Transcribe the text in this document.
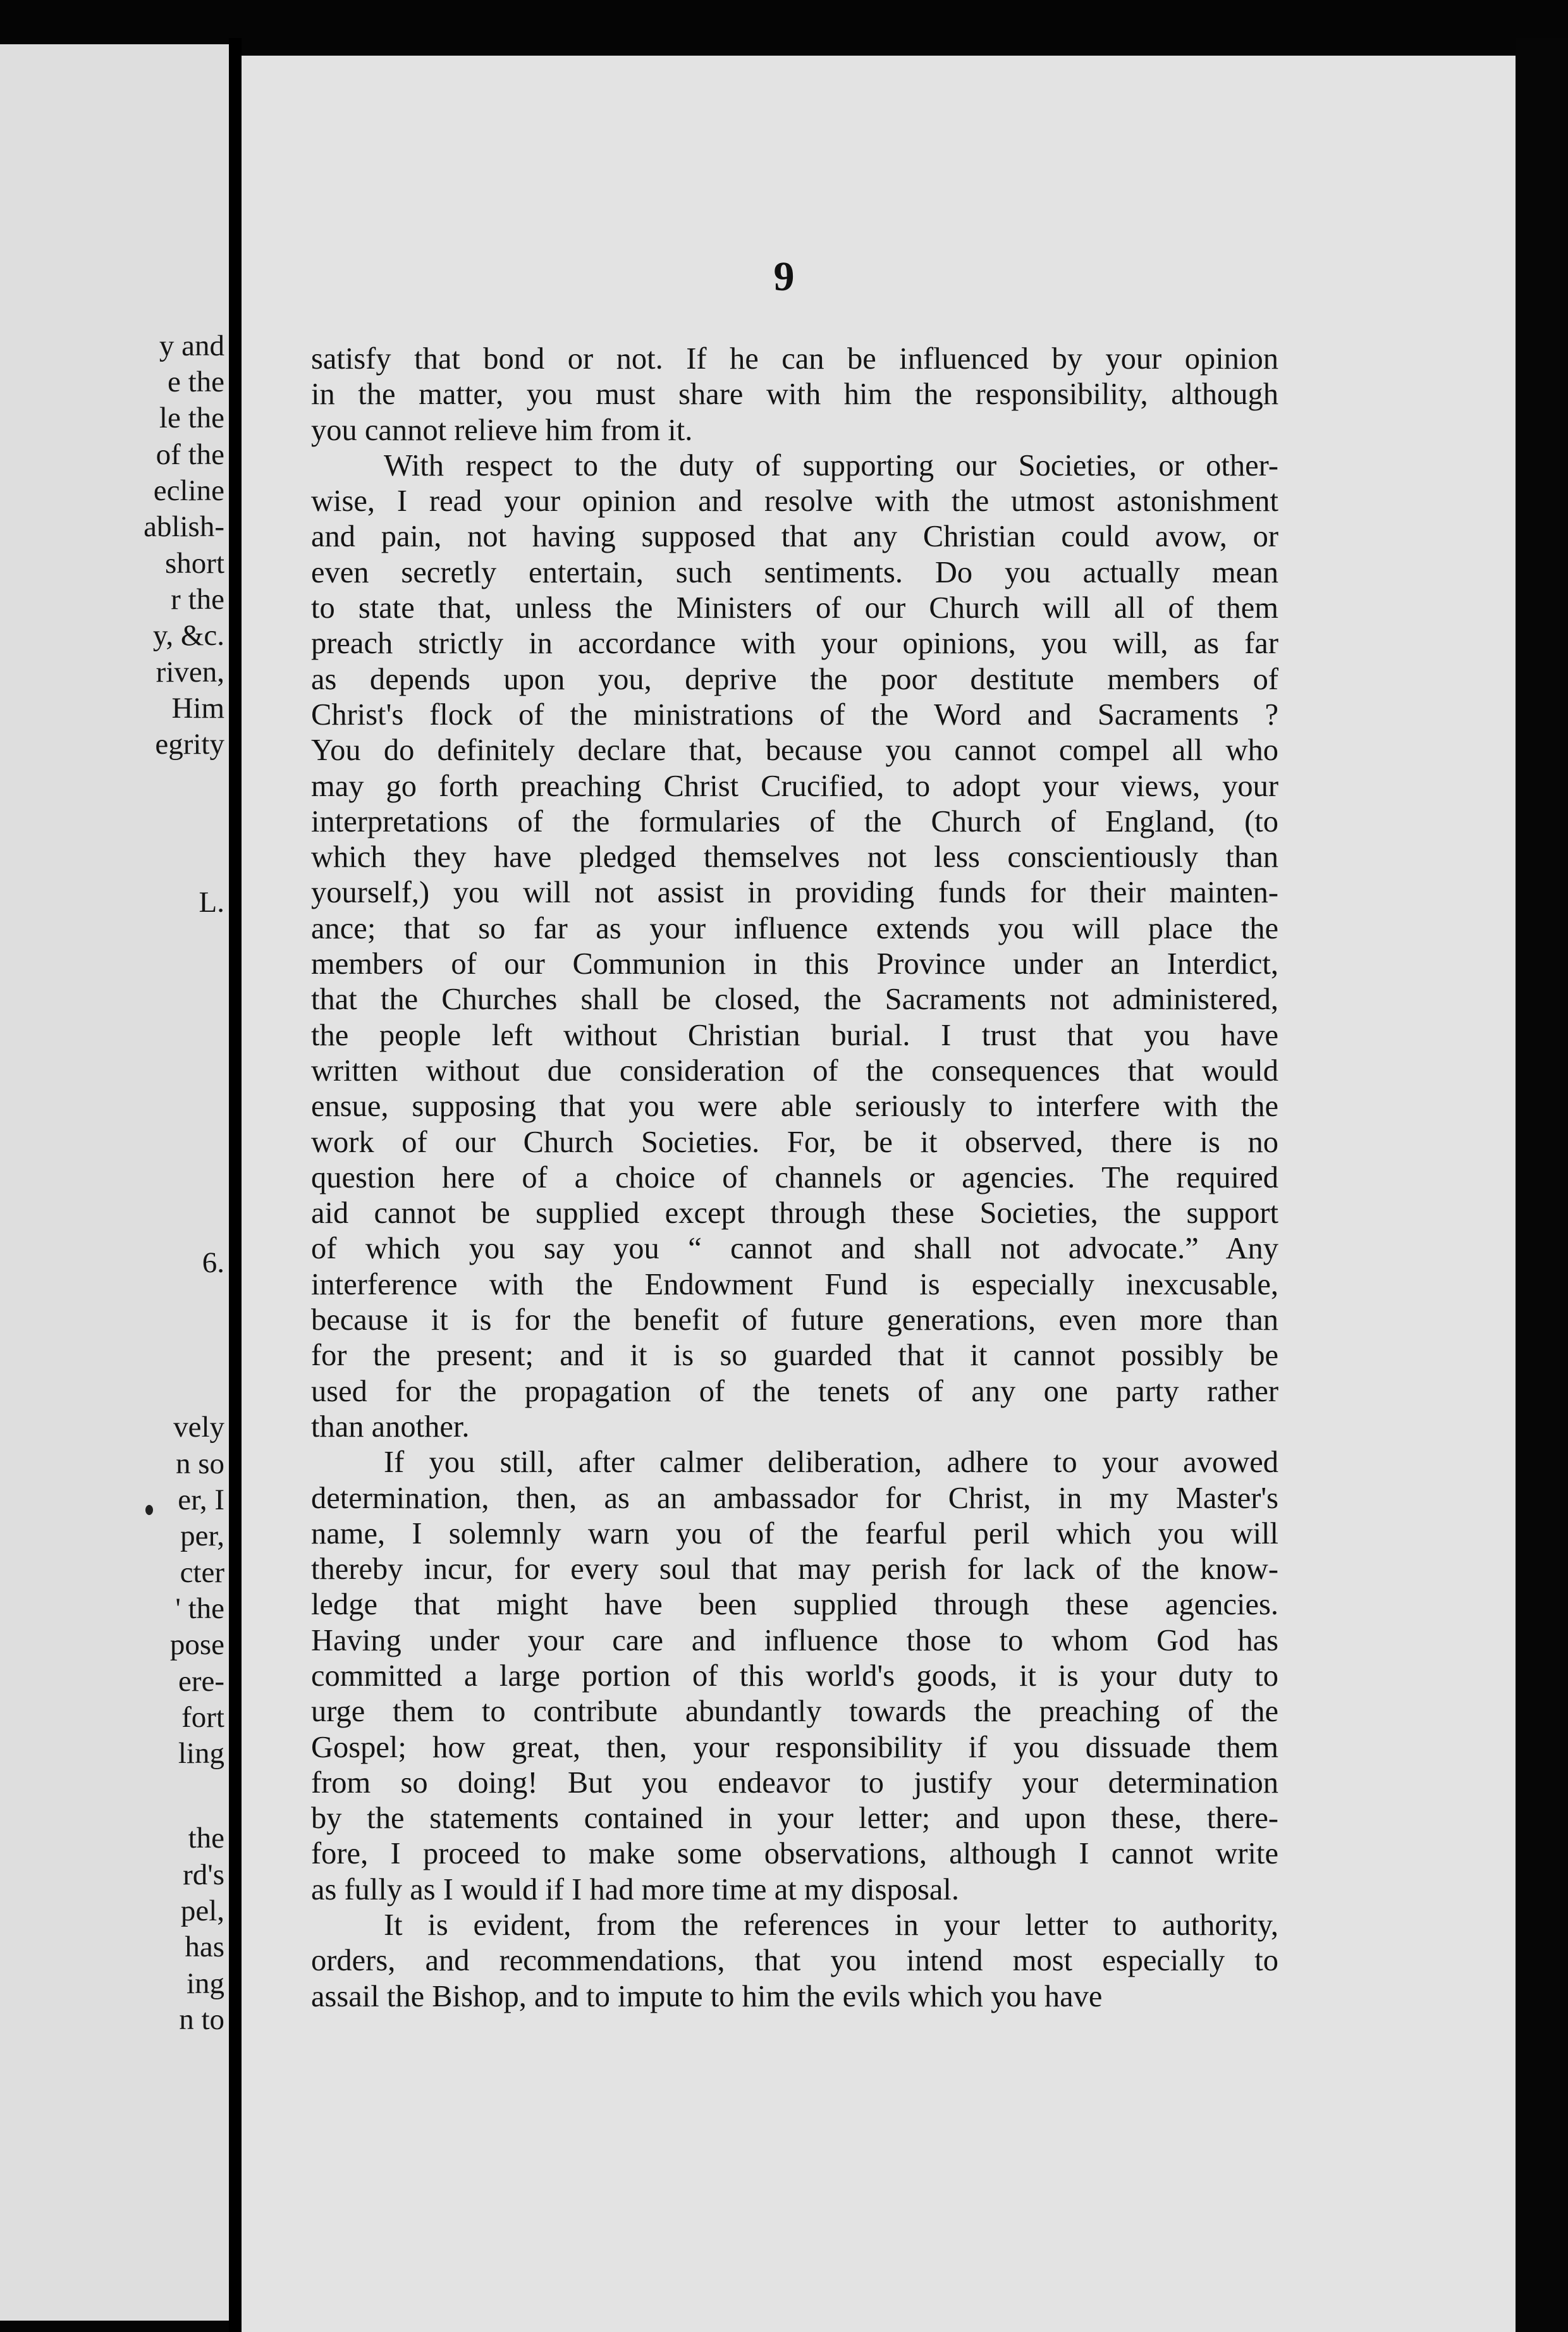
y and
e the
le the
of the
ecline
ablish-
short
r the
y, &c.
riven,
Him
egrity
L.
6.
vely
n so
er, I
per,
cter
' the
pose
ere-
fort
ling
the
rd's
pel,
has
ing
n to
9
satisfy that bond or not. If he can be influenced by your opinion
in the matter, you must share with him the responsibility, although
you cannot relieve him from it.
With respect to the duty of supporting our Societies, or other-
wise, I read your opinion and resolve with the utmost astonishment
and pain, not having supposed that any Christian could avow, or
even secretly entertain, such sentiments. Do you actually mean
to state that, unless the Ministers of our Church will all of them
preach strictly in accordance with your opinions, you will, as far
as depends upon you, deprive the poor destitute members of
Christ's flock of the ministrations of the Word and Sacraments ?
You do definitely declare that, because you cannot compel all who
may go forth preaching Christ Crucified, to adopt your views, your
interpretations of the formularies of the Church of England, (to
which they have pledged themselves not less conscientiously than
yourself,) you will not assist in providing funds for their mainten-
ance; that so far as your influence extends you will place the
members of our Communion in this Province under an Interdict,
that the Churches shall be closed, the Sacraments not administered,
the people left without Christian burial. I trust that you have
written without due consideration of the consequences that would
ensue, supposing that you were able seriously to interfere with the
work of our Church Societies. For, be it observed, there is no
question here of a choice of channels or agencies. The required
aid cannot be supplied except through these Societies, the support
of which you say you “ cannot and shall not advocate.” Any
interference with the Endowment Fund is especially inexcusable,
because it is for the benefit of future generations, even more than
for the present; and it is so guarded that it cannot possibly be
used for the propagation of the tenets of any one party rather
than another.
If you still, after calmer deliberation, adhere to your avowed
determination, then, as an ambassador for Christ, in my Master's
name, I solemnly warn you of the fearful peril which you will
thereby incur, for every soul that may perish for lack of the know-
ledge that might have been supplied through these agencies.
Having under your care and influence those to whom God has
committed a large portion of this world's goods, it is your duty to
urge them to contribute abundantly towards the preaching of the
Gospel; how great, then, your responsibility if you dissuade them
from so doing! But you endeavor to justify your determination
by the statements contained in your letter; and upon these, there-
fore, I proceed to make some observations, although I cannot write
as fully as I would if I had more time at my disposal.
It is evident, from the references in your letter to authority,
orders, and recommendations, that you intend most especially to
assail the Bishop, and to impute to him the evils which you have
